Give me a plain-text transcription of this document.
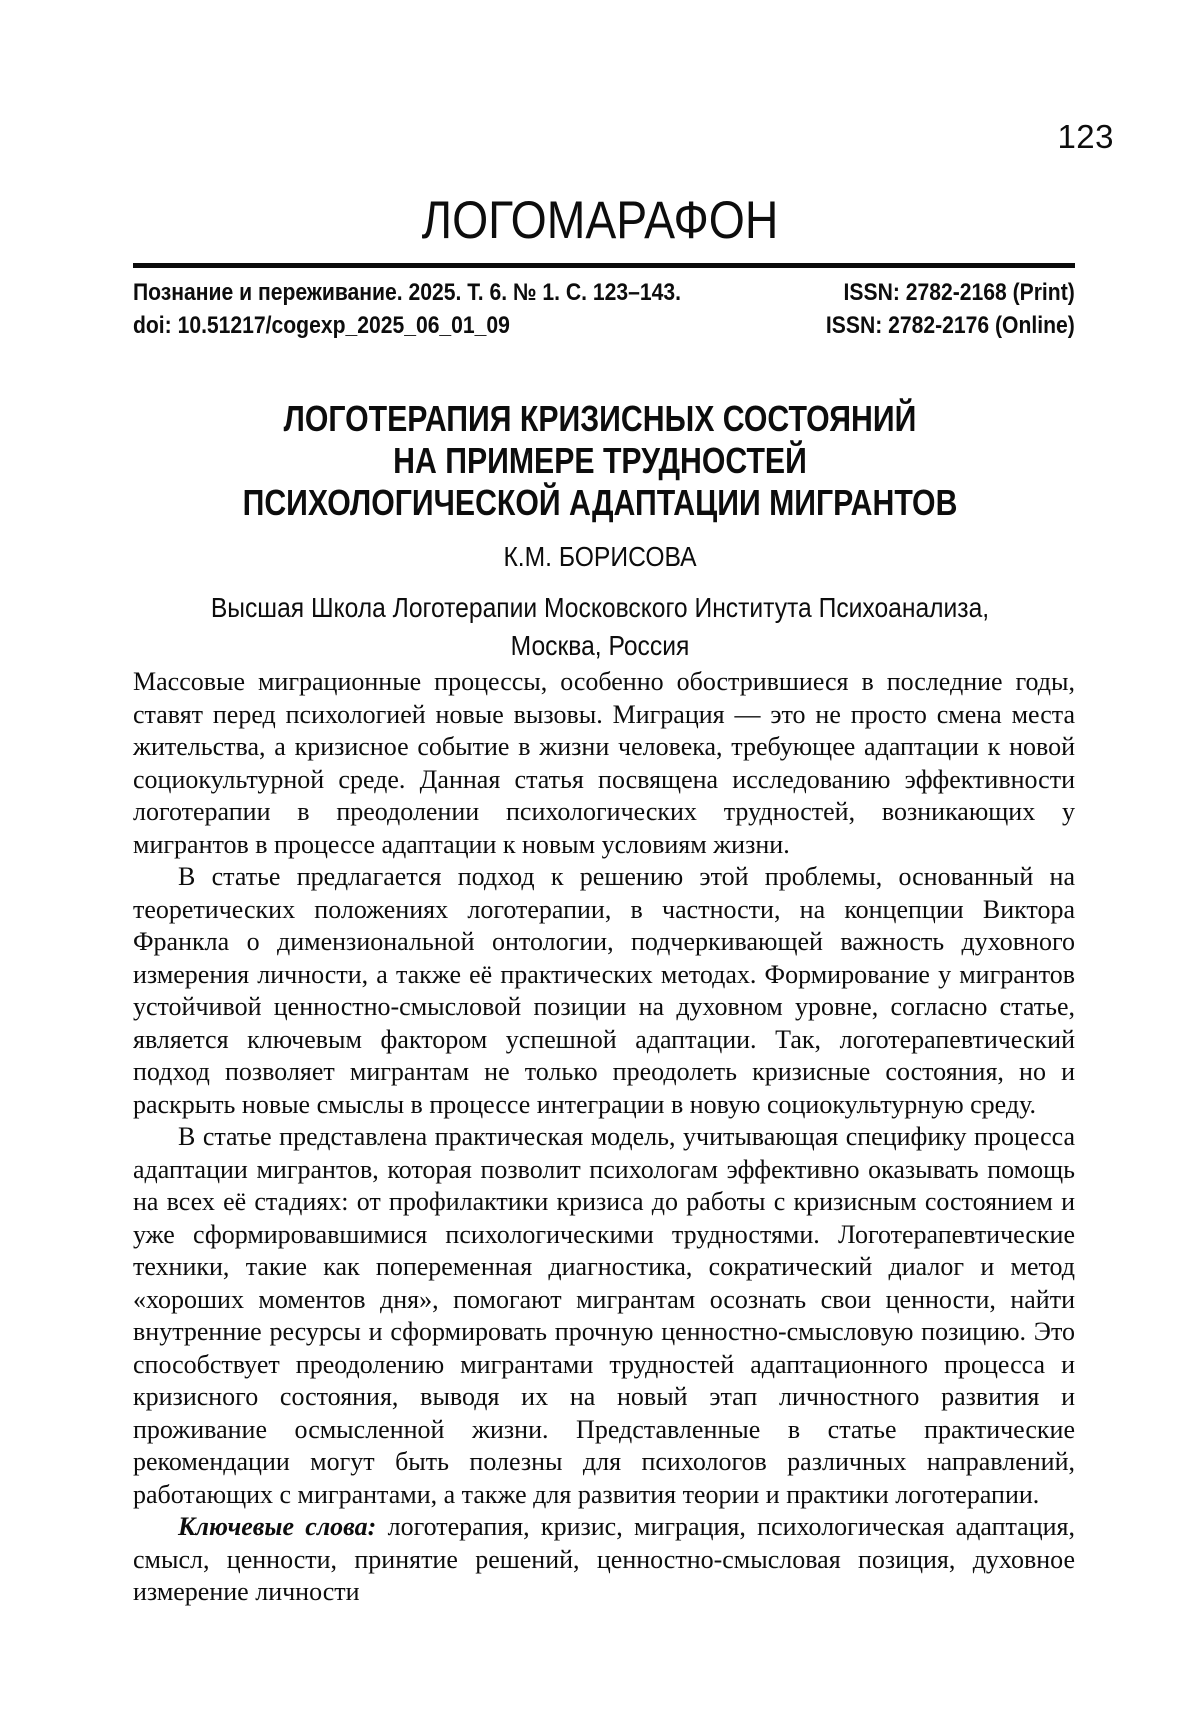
123
ЛОГОМАРАФОН
Познание и переживание. 2025. Т. 6. № 1. С. 123–143.
doi: 10.51217/cogexp_2025_06_01_09
ISSN: 2782-2168 (Print)
ISSN: 2782-2176 (Online)
ЛОГОТЕРАПИЯ КРИЗИСНЫХ СОСТОЯНИЙ
НА ПРИМЕРЕ ТРУДНОСТЕЙ
ПСИХОЛОГИЧЕСКОЙ АДАПТАЦИИ МИГРАНТОВ
К.М. БОРИСОВА
Высшая Школа Логотерапии Московского Института Психоанализа,
Москва, Россия

Массовые миграционные процессы, особенно обострившиеся в последние годы, ставят перед психологией новые вызовы. Миграция — это не просто смена места жительства, а кризисное событие в жизни человека, требующее адаптации к новой социокультурной среде. Данная статья посвящена исследованию эффективности логотерапии в преодолении психологических трудностей, возникающих у мигрантов в процессе адаптации к новым условиям жизни.

В статье предлагается подход к решению этой проблемы, основанный на теоретических положениях логотерапии, в частности, на концепции Виктора Франкла о димензиональной онтологии, подчеркивающей важность духовного измерения личности, а также её практических методах. Формирование у мигрантов устойчивой ценностно-смысловой позиции на духовном уровне, согласно статье, является ключевым фактором успешной адаптации. Так, логотерапевтический подход позволяет мигрантам не только преодолеть кризисные состояния, но и раскрыть новые смыслы в процессе интеграции в новую социокультурную среду.

В статье представлена практическая модель, учитывающая специфику процесса адаптации мигрантов, которая позволит психологам эффективно оказывать помощь на всех её стадиях: от профилактики кризиса до работы с кризисным состоянием и уже сформировавшимися психологическими трудностями. Логотерапевтические техники, такие как попеременная диагностика, сократический диалог и метод «хороших моментов дня», помогают мигрантам осознать свои ценности, найти внутренние ресурсы и сформировать прочную ценностно-смысловую позицию. Это способствует преодолению мигрантами трудностей адаптационного процесса и кризисного состояния, выводя их на новый этап личностного развития и проживание осмысленной жизни. Представленные в статье практические рекомендации могут быть полезны для психологов различных направлений, работающих с мигрантами, а также для развития теории и практики логотерапии.

Ключевые слова: логотерапия, кризис, миграция, психологическая адаптация, смысл, ценности, принятие решений, ценностно-смысловая позиция, духовное измерение личности
